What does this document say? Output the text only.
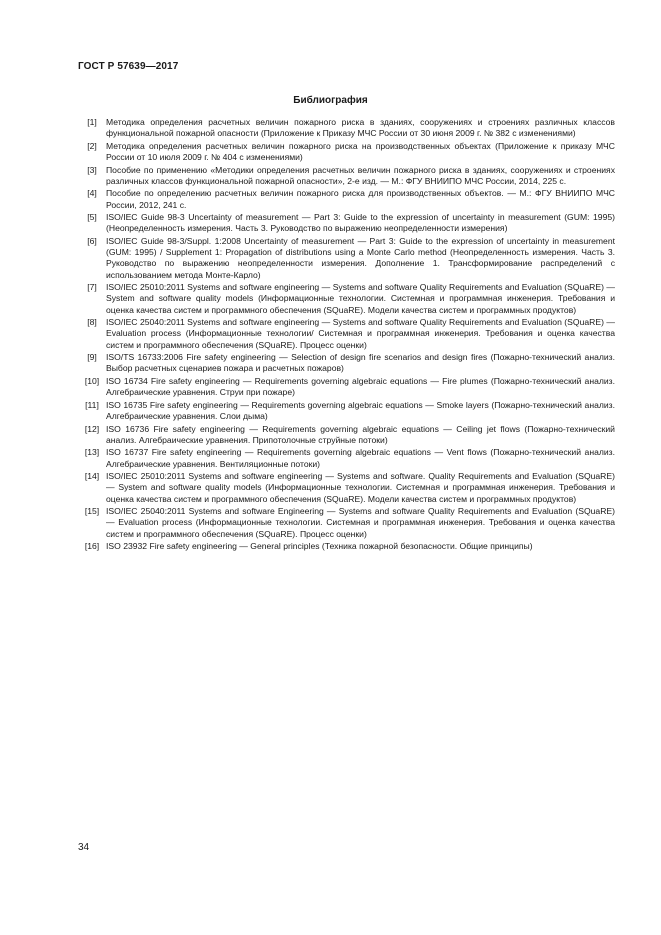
ГОСТ Р 57639—2017
Библиография
[1]	Методика определения расчетных величин пожарного риска в зданиях, сооружениях и строениях различных классов функциональной пожарной опасности (Приложение к Приказу МЧС России от 30 июня 2009 г. № 382 с изменениями)
[2]	Методика определения расчетных величин пожарного риска на производственных объектах (Приложение к приказу МЧС России от 10 июля 2009 г. № 404 с изменениями)
[3]	Пособие по применению «Методики определения расчетных величин пожарного риска в зданиях, сооружениях и строениях различных классов функциональной пожарной опасности», 2-е изд. — М.: ФГУ ВНИИПО МЧС России, 2014, 225 с.
[4]	Пособие по определению расчетных величин пожарного риска для производственных объектов. — М.: ФГУ ВНИИПО МЧС России, 2012, 241 с.
[5]	ISO/IEC Guide 98-3 Uncertainty of measurement — Part 3: Guide to the expression of uncertainty in measurement (GUM: 1995) (Неопределенность измерения. Часть 3. Руководство по выражению неопределенности измерения)
[6]	ISO/IEC Guide 98-3/Suppl. 1:2008 Uncertainty of measurement — Part 3: Guide to the expression of uncertainty in measurement (GUM: 1995) / Supplement 1: Propagation of distributions using a Monte Carlo method (Неопределенность измерения. Часть 3. Руководство по выражению неопределенности измерения. Дополнение 1. Трансформирование распределений с использованием метода Монте-Карло)
[7]	ISO/IEC 25010:2011 Systems and software engineering — Systems and software Quality Requirements and Evaluation (SQuaRE) — System and software quality models (Информационные технологии. Системная и программная инженерия. Требования и оценка качества систем и программного обеспечения (SQuaRE). Модели качества систем и программных продуктов)
[8]	ISO/IEC 25040:2011 Systems and software engineering — Systems and software Quality Requirements and Evaluation (SQuaRE) — Evaluation process (Информационные технологии/ Системная и программная инженерия. Требования и оценка качества систем и программного обеспечения (SQuaRE). Процесс оценки)
[9]	ISO/TS 16733:2006 Fire safety engineering — Selection of design fire scenarios and design fires (Пожарно-технический анализ. Выбор расчетных сценариев пожара и расчетных пожаров)
[10] ISO 16734 Fire safety engineering — Requirements governing algebraic equations — Fire plumes (Пожарно-технический анализ. Алгебраические уравнения. Струи при пожаре)
[11] ISO 16735 Fire safety engineering — Requirements governing algebraic equations — Smoke layers (Пожарно-технический анализ. Алгебраические уравнения. Слои дыма)
[12] ISO 16736 Fire safety engineering — Requirements governing algebraic equations — Ceiling jet flows (Пожарно-технический анализ. Алгебраические уравнения. Припотолочные струйные потоки)
[13] ISO 16737 Fire safety engineering — Requirements governing algebraic equations — Vent flows (Пожарно-технический анализ. Алгебраические уравнения. Вентиляционные потоки)
[14] ISO/IEC 25010:2011 Systems and software engineering — Systems and software. Quality Requirements and Evaluation (SQuaRE) — System and software quality models (Информационные технологии. Системная и программная инженерия. Требования и оценка качества систем и программного обеспечения (SQuaRE). Модели качества систем и программных продуктов)
[15] ISO/IEC 25040:2011 Systems and software Engineering — Systems and software Quality Requirements and Evaluation (SQuaRE) — Evaluation process (Информационные технологии. Системная и программная инженерия. Требования и оценка качества систем и программного обеспечения (SQuaRE). Процесс оценки)
[16] ISO 23932 Fire safety engineering — General principles (Техника пожарной безопасности. Общие принципы)
34
